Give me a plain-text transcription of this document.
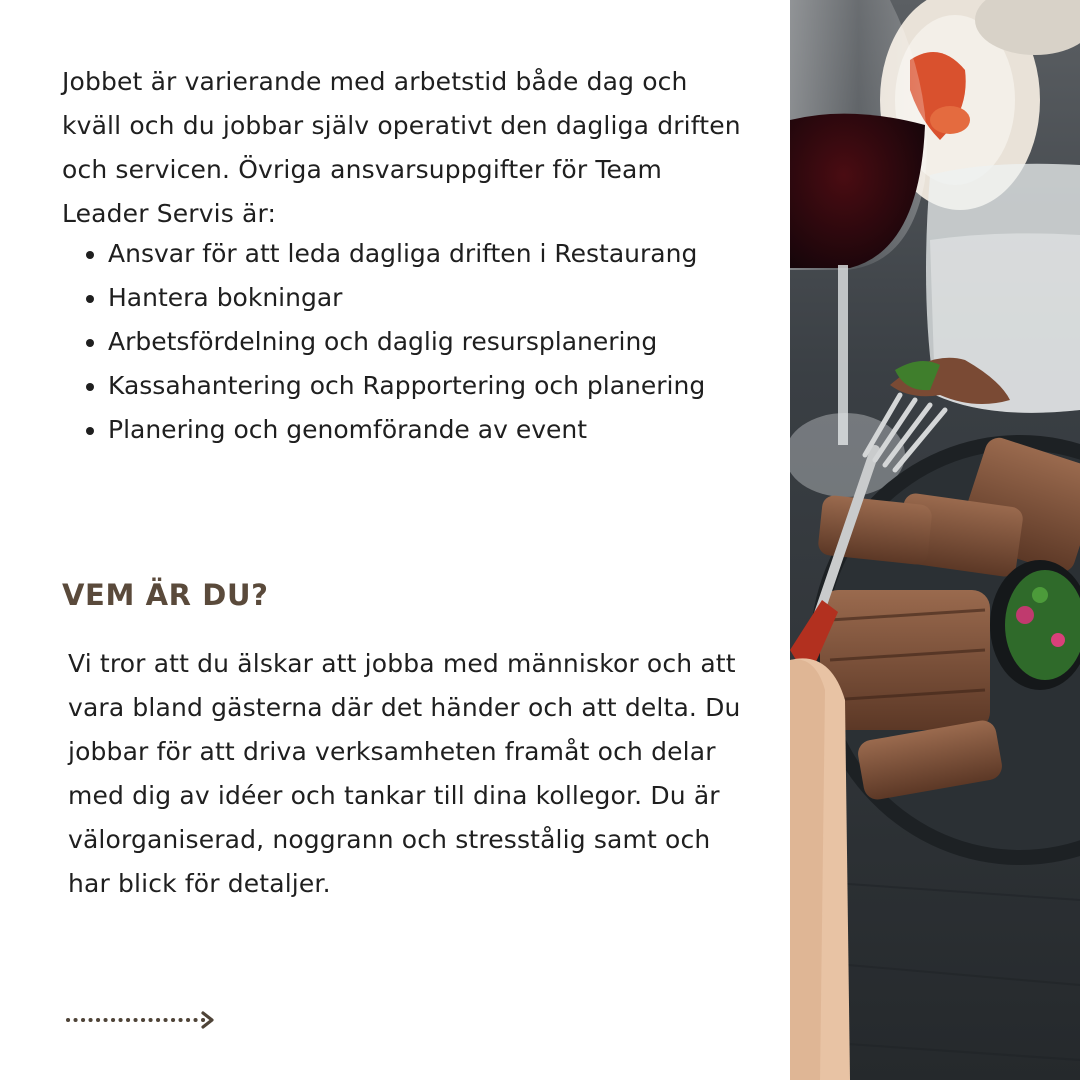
Jobbet är varierande med arbetstid både dag och kväll och du jobbar själv operativt den dagliga driften och servicen. Övriga ansvarsuppgifter för Team Leader Servis är:

• Ansvar för att leda dagliga driften i Restaurang
• Hantera bokningar
• Arbetsfördelning och daglig resursplanering
• Kassahantering och Rapportering och planering
• Planering och genomförande av event
VEM ÄR DU?

Vi tror att du älskar att jobba med människor och att vara bland gästerna där det händer och att delta. Du jobbar för att driva verksamheten framåt och delar med dig av idéer och tankar till dina kollegor. Du är välorganiserad, noggrann och stresstålig samt och har blick för detaljer.
